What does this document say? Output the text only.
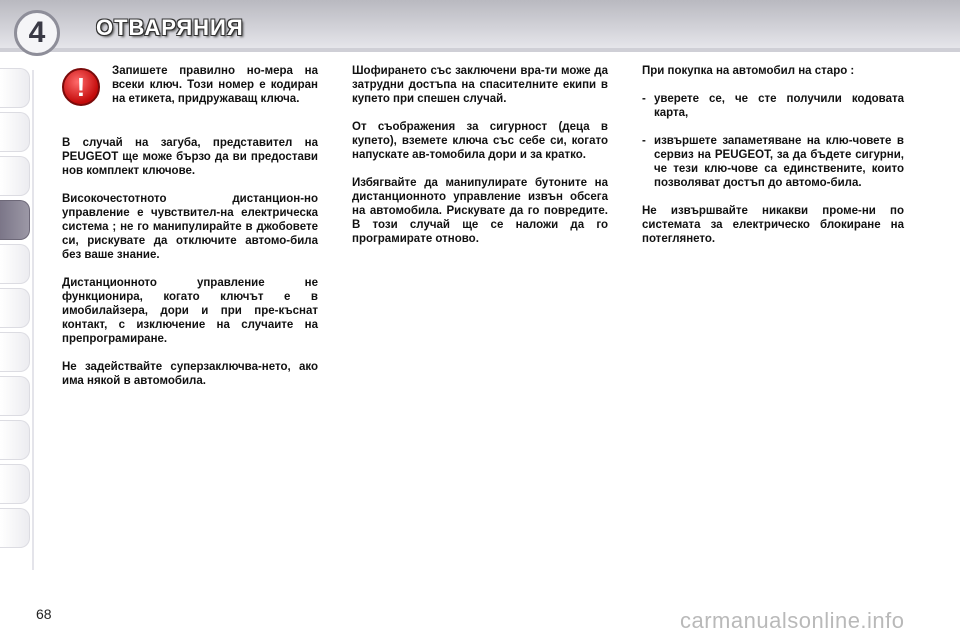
4	ОТВАРЯНИЯ
!
Запишете правилно но-мера на всеки ключ. Този номер е кодиран на етикета, придружаващ ключа.

В случай на загуба, представител на PEUGEOT ще може бързо да ви предостави нов комплект ключове.

Високочестотното дистанцион-но управление е чувствител-на електрическа система ; не го манипулирайте в джобовете си, рискувате да отключите автомо-била без ваше знание.

Дистанционното управление не функционира, когато ключът е в имобилайзера, дори и при пре-къснат контакт, с изключение на случаите на препрограмиране.

Не задействайте суперзаключва-нето, ако има някой в автомобила.

Шофирането със заключени вра-ти може да затрудни достъпа на спасителните екипи в купето при спешен случай.

От съображения за сигурност (деца в купето), вземете ключа със себе си, когато напускате ав-томобила дори и за кратко.

Избягвайте да манипулирате бутоните на дистанционното управление извън обсега на автомобила. Рискувате да го повредите. В този случай ще се наложи да го програмирате отново.

При покупка на автомобил на старо :

- уверете се, че сте получили кодовата карта,
- извършете запаметяване на клю-човете в сервиз на PEUGEOT, за да бъдете сигурни, че тези клю-чове са единствените, които позволяват достъп до автомо-била.

Не извършвайте никакви проме-ни по системата за електрическо блокиране на потеглянето.

68	carmanualsonline.info
